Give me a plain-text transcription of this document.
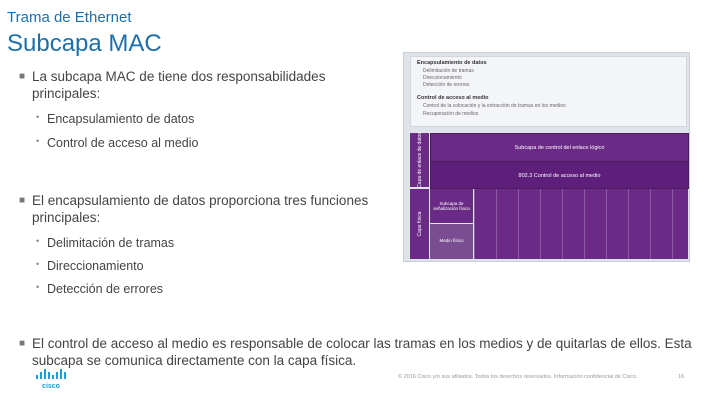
Trama de Ethernet
Subcapa MAC
■ La subcapa MAC de tiene dos responsabilidades principales:
• Encapsulamiento de datos
• Control de acceso al medio
■ El encapsulamiento de datos proporciona tres funciones principales:
• Delimitación de tramas
• Direccionamiento
• Detección de errores
■ El control de acceso al medio es responsable de colocar las tramas en los medios y de quitarlas de ellos. Esta subcapa se comunica directamente con la capa física.
Encapsulamiento de datos
Delimitación de tramas
Direccionamiento
Detección de errores
Control de acceso al medio
Control de la colocación y la extracción de tramas en los medios
Recuperación de medios
Capa de enlace de datos
Capa física
Subcapa de control del enlace lógico
802.3 Control de acceso al medio
Subcapa de señalización física
Medio físico
cisco
© 2016 Cisco y/o sus afiliados. Todos los derechos reservados. Información confidencial de Cisco.	16
